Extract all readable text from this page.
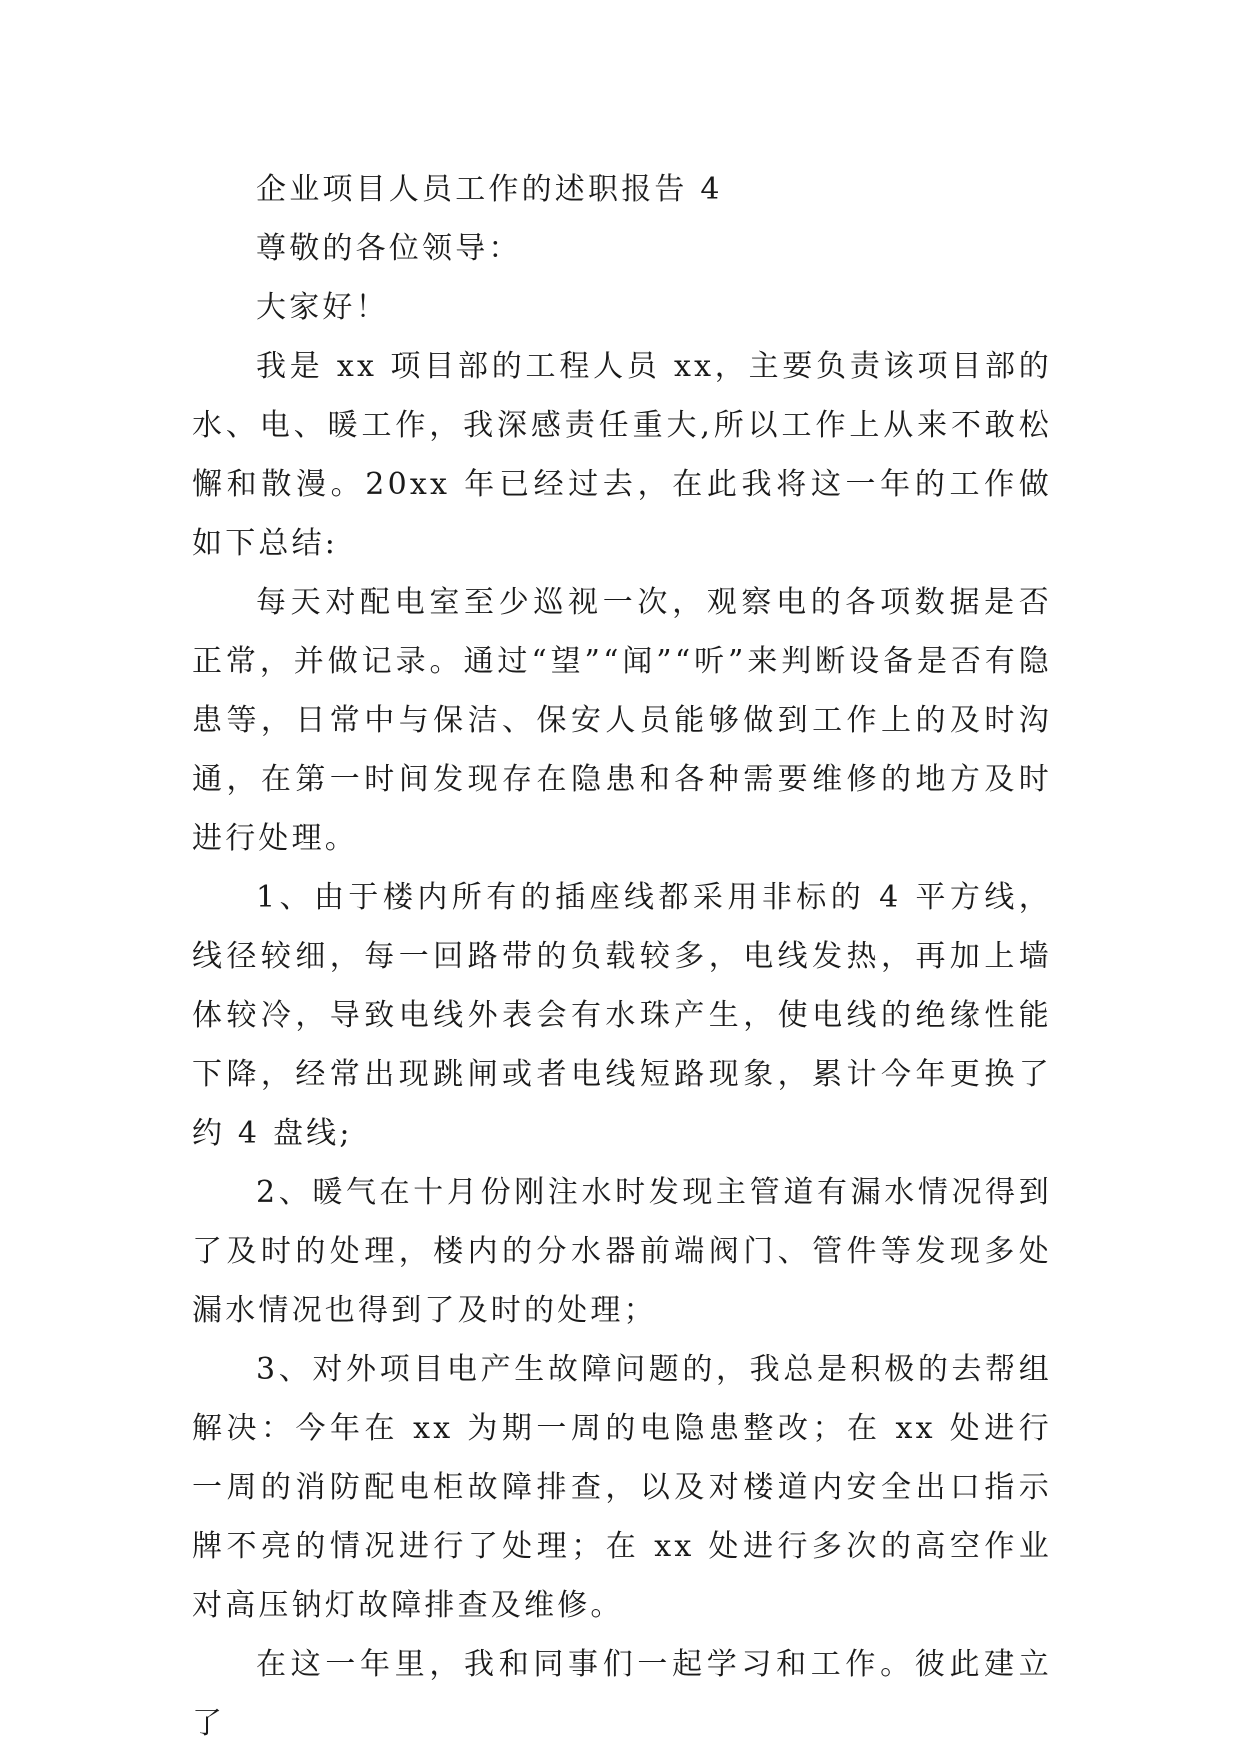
企业项目人员工作的述职报告 4

尊敬的各位领导：

大家好！

我是 xx 项目部的工程人员 xx，主要负责该项目部的水、电、暖工作，我深感责任重大,所以工作上从来不敢松懈和散漫。20xx 年已经过去，在此我将这一年的工作做如下总结:

每天对配电室至少巡视一次，观察电的各项数据是否正常，并做记录。通过“望”“闻”“听”来判断设备是否有隐患等，日常中与保洁、保安人员能够做到工作上的及时沟通，在第一时间发现存在隐患和各种需要维修的地方及时进行处理。

1、由于楼内所有的插座线都采用非标的 4 平方线，线径较细，每一回路带的负载较多，电线发热，再加上墙体较冷，导致电线外表会有水珠产生，使电线的绝缘性能下降，经常出现跳闸或者电线短路现象，累计今年更换了约 4 盘线;

2、暖气在十月份刚注水时发现主管道有漏水情况得到了及时的处理，楼内的分水器前端阀门、管件等发现多处漏水情况也得到了及时的处理；

3、对外项目电产生故障问题的，我总是积极的去帮组解决：今年在 xx 为期一周的电隐患整改；在 xx 处进行一周的消防配电柜故障排查，以及对楼道内安全出口指示牌不亮的情况进行了处理；在 xx 处进行多次的高空作业对高压钠灯故障排查及维修。

在这一年里，我和同事们一起学习和工作。彼此建立了
